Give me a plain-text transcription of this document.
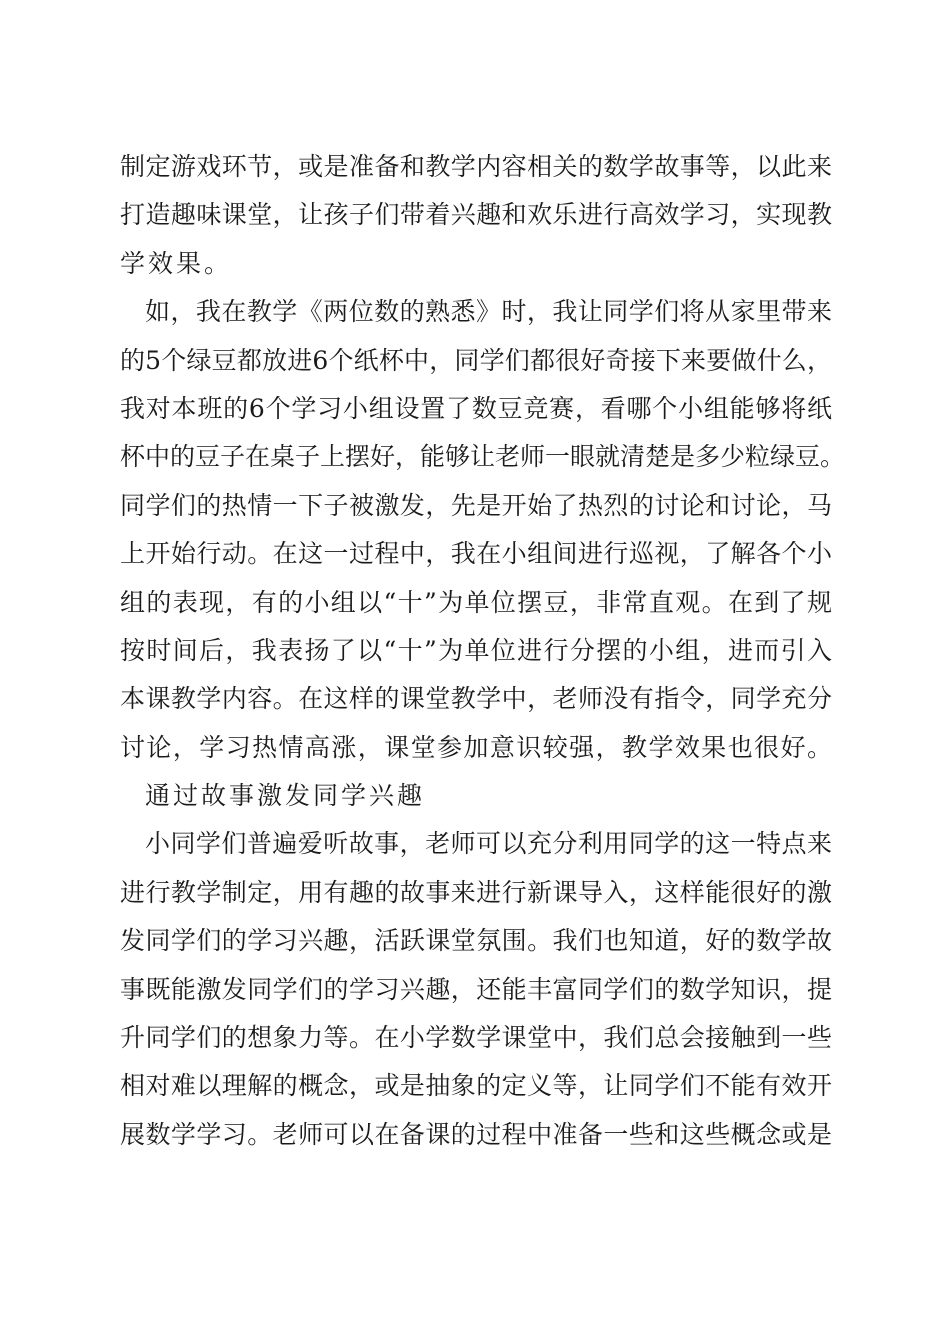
制定游戏环节，或是准备和教学内容相关的数学故事等，以此来
打造趣味课堂，让孩子们带着兴趣和欢乐进行高效学习，实现教
学效果。
如，我在教学《两位数的熟悉》时，我让同学们将从家里带来
的5个绿豆都放进6个纸杯中，同学们都很好奇接下来要做什么，
我对本班的6个学习小组设置了数豆竞赛，看哪个小组能够将纸
杯中的豆子在桌子上摆好，能够让老师一眼就清楚是多少粒绿豆。
同学们的热情一下子被激发，先是开始了热烈的讨论和讨论，马
上开始行动。在这一过程中，我在小组间进行巡视，了解各个小
组的表现，有的小组以“十”为单位摆豆，非常直观。在到了规
按时间后，我表扬了以“十”为单位进行分摆的小组，进而引入
本课教学内容。在这样的课堂教学中，老师没有指令，同学充分
讨论，学习热情高涨，课堂参加意识较强，教学效果也很好。
通过故事激发同学兴趣
小同学们普遍爱听故事，老师可以充分利用同学的这一特点来
进行教学制定，用有趣的故事来进行新课导入，这样能很好的激
发同学们的学习兴趣，活跃课堂氛围。我们也知道，好的数学故
事既能激发同学们的学习兴趣，还能丰富同学们的数学知识，提
升同学们的想象力等。在小学数学课堂中，我们总会接触到一些
相对难以理解的概念，或是抽象的定义等，让同学们不能有效开
展数学学习。老师可以在备课的过程中准备一些和这些概念或是
